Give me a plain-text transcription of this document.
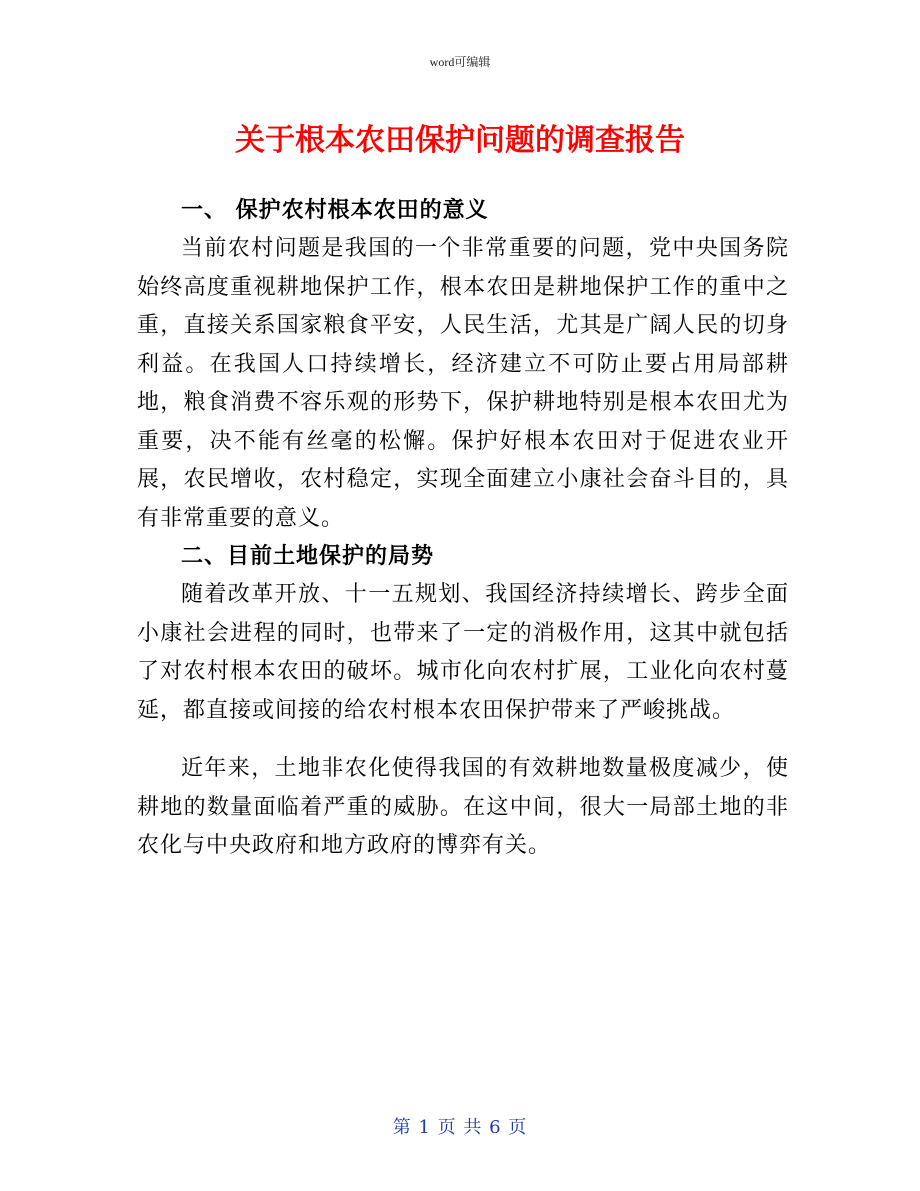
word可编辑
关于根本农田保护问题的调查报告

一、 保护农村根本农田的意义

当前农村问题是我国的一个非常重要的问题，党中央国务院始终高度重视耕地保护工作，根本农田是耕地保护工作的重中之重，直接关系国家粮食平安，人民生活，尤其是广阔人民的切身利益。在我国人口持续增长，经济建立不可防止要占用局部耕地，粮食消费不容乐观的形势下，保护耕地特别是根本农田尤为重要，决不能有丝毫的松懈。保护好根本农田对于促进农业开展，农民增收，农村稳定，实现全面建立小康社会奋斗目的，具有非常重要的意义。

二、目前土地保护的局势

随着改革开放、十一五规划、我国经济持续增长、跨步全面小康社会进程的同时，也带来了一定的消极作用，这其中就包括了对农村根本农田的破坏。城市化向农村扩展，工业化向农村蔓延，都直接或间接的给农村根本农田保护带来了严峻挑战。

近年来，土地非农化使得我国的有效耕地数量极度减少，使耕地的数量面临着严重的威胁。在这中间，很大一局部土地的非农化与中央政府和地方政府的博弈有关。

第 1 页 共 6 页
